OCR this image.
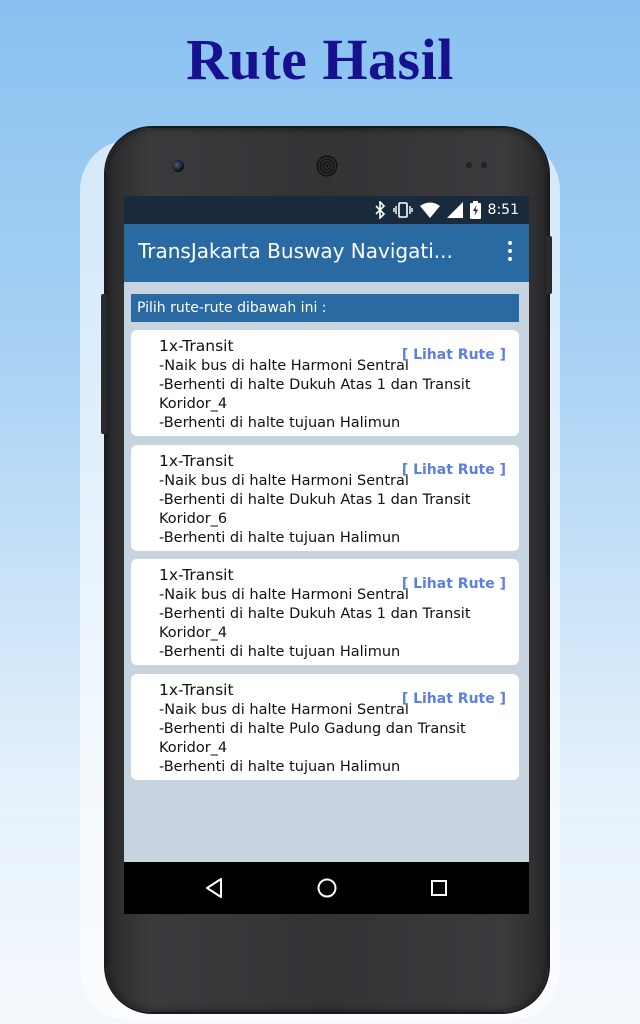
Rute Hasil
8:51
TransJakarta Busway Navigati...
Pilih rute-rute dibawah ini :
1x-Transit
-Naik bus di halte Harmoni Sentral
-Berhenti di halte Dukuh Atas 1 dan Transit Koridor_4
-Berhenti di halte tujuan Halimun
[ Lihat Rute ]
1x-Transit
-Naik bus di halte Harmoni Sentral
-Berhenti di halte Dukuh Atas 1 dan Transit Koridor_6
-Berhenti di halte tujuan Halimun
[ Lihat Rute ]
1x-Transit
-Naik bus di halte Harmoni Sentral
-Berhenti di halte Dukuh Atas 1 dan Transit Koridor_4
-Berhenti di halte tujuan Halimun
[ Lihat Rute ]
1x-Transit
-Naik bus di halte Harmoni Sentral
-Berhenti di halte Pulo Gadung dan Transit Koridor_4
-Berhenti di halte tujuan Halimun
[ Lihat Rute ]
